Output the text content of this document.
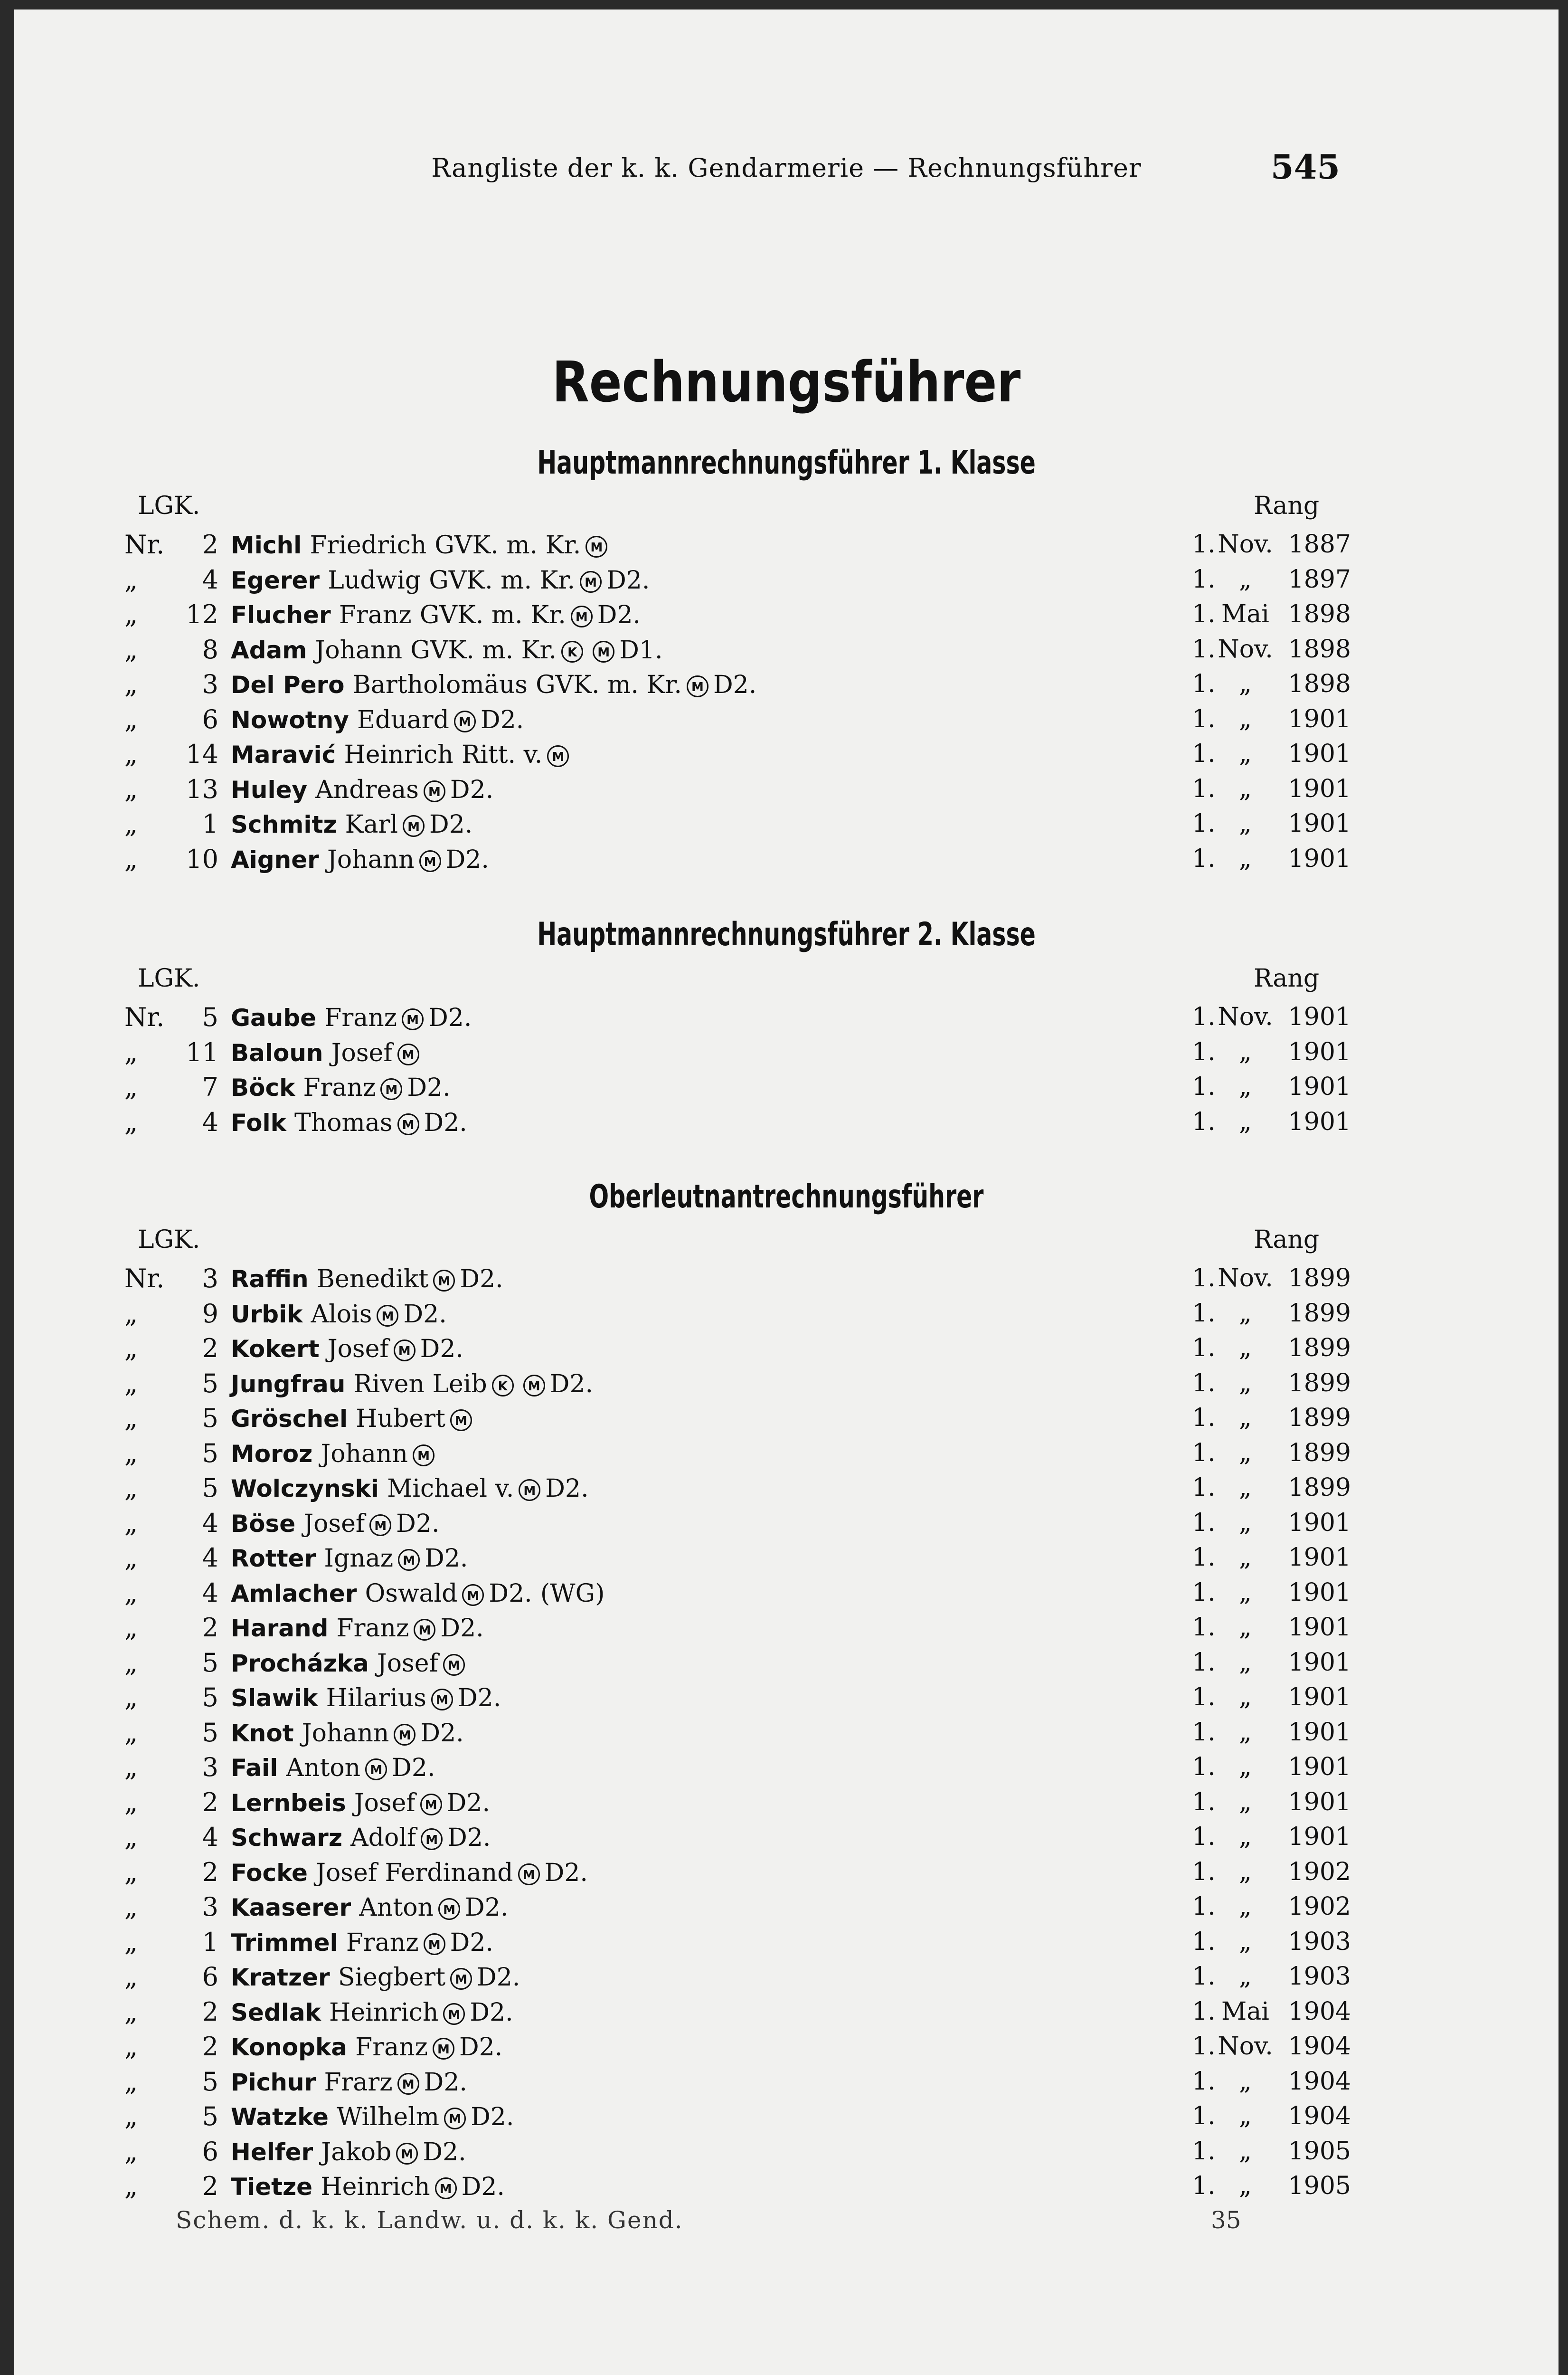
Rangliste der k. k. Gendarmerie — Rechnungsführer	545
Rechnungsführer
Hauptmannrechnungsführer 1. Klasse
LGK.	Rang
Nr.	2 Michl Friedrich GVK. m. Kr. M	1.Nov. 1887
„	4 Egerer Ludwig GVK. m. Kr. M D2.	1. „ 1897
„	12 Flucher Franz GVK. m. Kr. M D2.	1. Mai 1898
„	8 Adam Johann GVK. m. Kr. K M D1.	1.Nov. 1898
„	3 Del Pero Bartholomäus GVK. m. Kr. M D2.	1. „ 1898
„	6 Nowotny Eduard M D2.	1. „ 1901
„	14 Maravić Heinrich Ritt. v. M	1. „ 1901
„	13 Huley Andreas M D2.	1. „ 1901
„	1 Schmitz Karl M D2.	1. „ 1901
„	10 Aigner Johann M D2.	1. „ 1901
Hauptmannrechnungsführer 2. Klasse
LGK.	Rang
Nr.	5 Gaube Franz M D2.	1.Nov. 1901
„	11 Baloun Josef M	1. „ 1901
„	7 Böck Franz M D2.	1. „ 1901
„	4 Folk Thomas M D2.	1. „ 1901
Oberleutnantrechnungsführer
LGK.	Rang
Nr.	3 Raffin Benedikt M D2.	1.Nov. 1899
„	9 Urbik Alois M D2.	1. „ 1899
„	2 Kokert Josef M D2.	1. „ 1899
„	5 Jungfrau Riven Leib K M D2.	1. „ 1899
„	5 Gröschel Hubert M	1. „ 1899
„	5 Moroz Johann M	1. „ 1899
„	5 Wolczynski Michael v. M D2.	1. „ 1899
„	4 Böse Josef M D2.	1. „ 1901
„	4 Rotter Ignaz M D2.	1. „ 1901
„	4 Amlacher Oswald M D2. (WG)	1. „ 1901
„	2 Harand Franz M D2.	1. „ 1901
„	5 Procházka Josef M	1. „ 1901
„	5 Slawik Hilarius M D2.	1. „ 1901
„	5 Knot Johann M D2.	1. „ 1901
„	3 Fail Anton M D2.	1. „ 1901
„	2 Lernbeis Josef M D2.	1. „ 1901
„	4 Schwarz Adolf M D2.	1. „ 1901
„	2 Focke Josef Ferdinand M D2.	1. „ 1902
„	3 Kaaserer Anton M D2.	1. „ 1902
„	1 Trimmel Franz M D2.	1. „ 1903
„	6 Kratzer Siegbert M D2.	1. „ 1903
„	2 Sedlak Heinrich M D2.	1. Mai 1904
„	2 Konopka Franz M D2.	1.Nov. 1904
„	5 Pichur Frarz M D2.	1. „ 1904
„	5 Watzke Wilhelm M D2.	1. „ 1904
„	6 Helfer Jakob M D2.	1. „ 1905
„	2 Tietze Heinrich M D2.	1. „ 1905
Schem. d. k. k. Landw. u. d. k. k. Gend.	35
